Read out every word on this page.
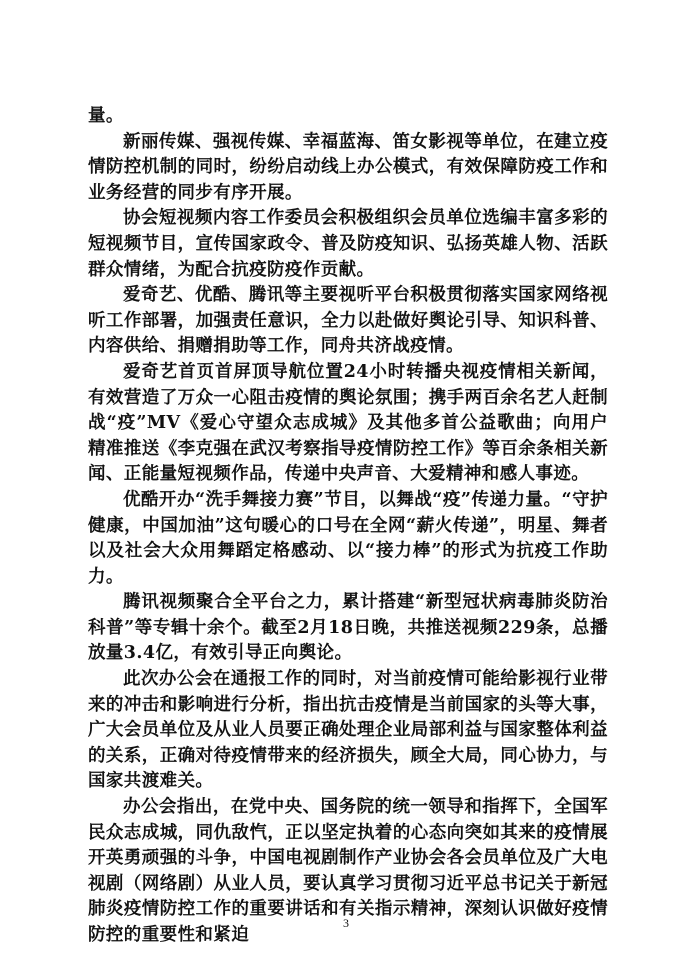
量。

新丽传媒、强视传媒、幸福蓝海、笛女影视等单位，在建立疫情防控机制的同时，纷纷启动线上办公模式，有效保障防疫工作和业务经营的同步有序开展。

协会短视频内容工作委员会积极组织会员单位选编丰富多彩的短视频节目，宣传国家政令、普及防疫知识、弘扬英雄人物、活跃群众情绪，为配合抗疫防疫作贡献。

爱奇艺、优酷、腾讯等主要视听平台积极贯彻落实国家网络视听工作部署，加强责任意识，全力以赴做好舆论引导、知识科普、内容供给、捐赠捐助等工作，同舟共济战疫情。

爱奇艺首页首屏顶导航位置24小时转播央视疫情相关新闻，有效营造了万众一心阻击疫情的舆论氛围；携手两百余名艺人赶制战“疫”MV《爱心守望众志成城》及其他多首公益歌曲；向用户精准推送《李克强在武汉考察指导疫情防控工作》等百余条相关新闻、正能量短视频作品，传递中央声音、大爱精神和感人事迹。

优酷开办“洗手舞接力赛”节目，以舞战“疫”传递力量。“守护健康，中国加油”这句暖心的口号在全网“薪火传递”，明星、舞者以及社会大众用舞蹈定格感动、以“接力棒”的形式为抗疫工作助力。

腾讯视频聚合全平台之力，累计搭建“新型冠状病毒肺炎防治科普”等专辑十余个。截至2月18日晚，共推送视频229条，总播放量3.4亿，有效引导正向舆论。

此次办公会在通报工作的同时，对当前疫情可能给影视行业带来的冲击和影响进行分析，指出抗击疫情是当前国家的头等大事，广大会员单位及从业人员要正确处理企业局部利益与国家整体利益的关系，正确对待疫情带来的经济损失，顾全大局，同心协力，与国家共渡难关。

办公会指出，在党中央、国务院的统一领导和指挥下，全国军民众志成城，同仇敌忾，正以坚定执着的心态向突如其来的疫情展开英勇顽强的斗争，中国电视剧制作产业协会各会员单位及广大电视剧（网络剧）从业人员，要认真学习贯彻习近平总书记关于新冠肺炎疫情防控工作的重要讲话和有关指示精神，深刻认识做好疫情防控的重要性和紧迫

3
